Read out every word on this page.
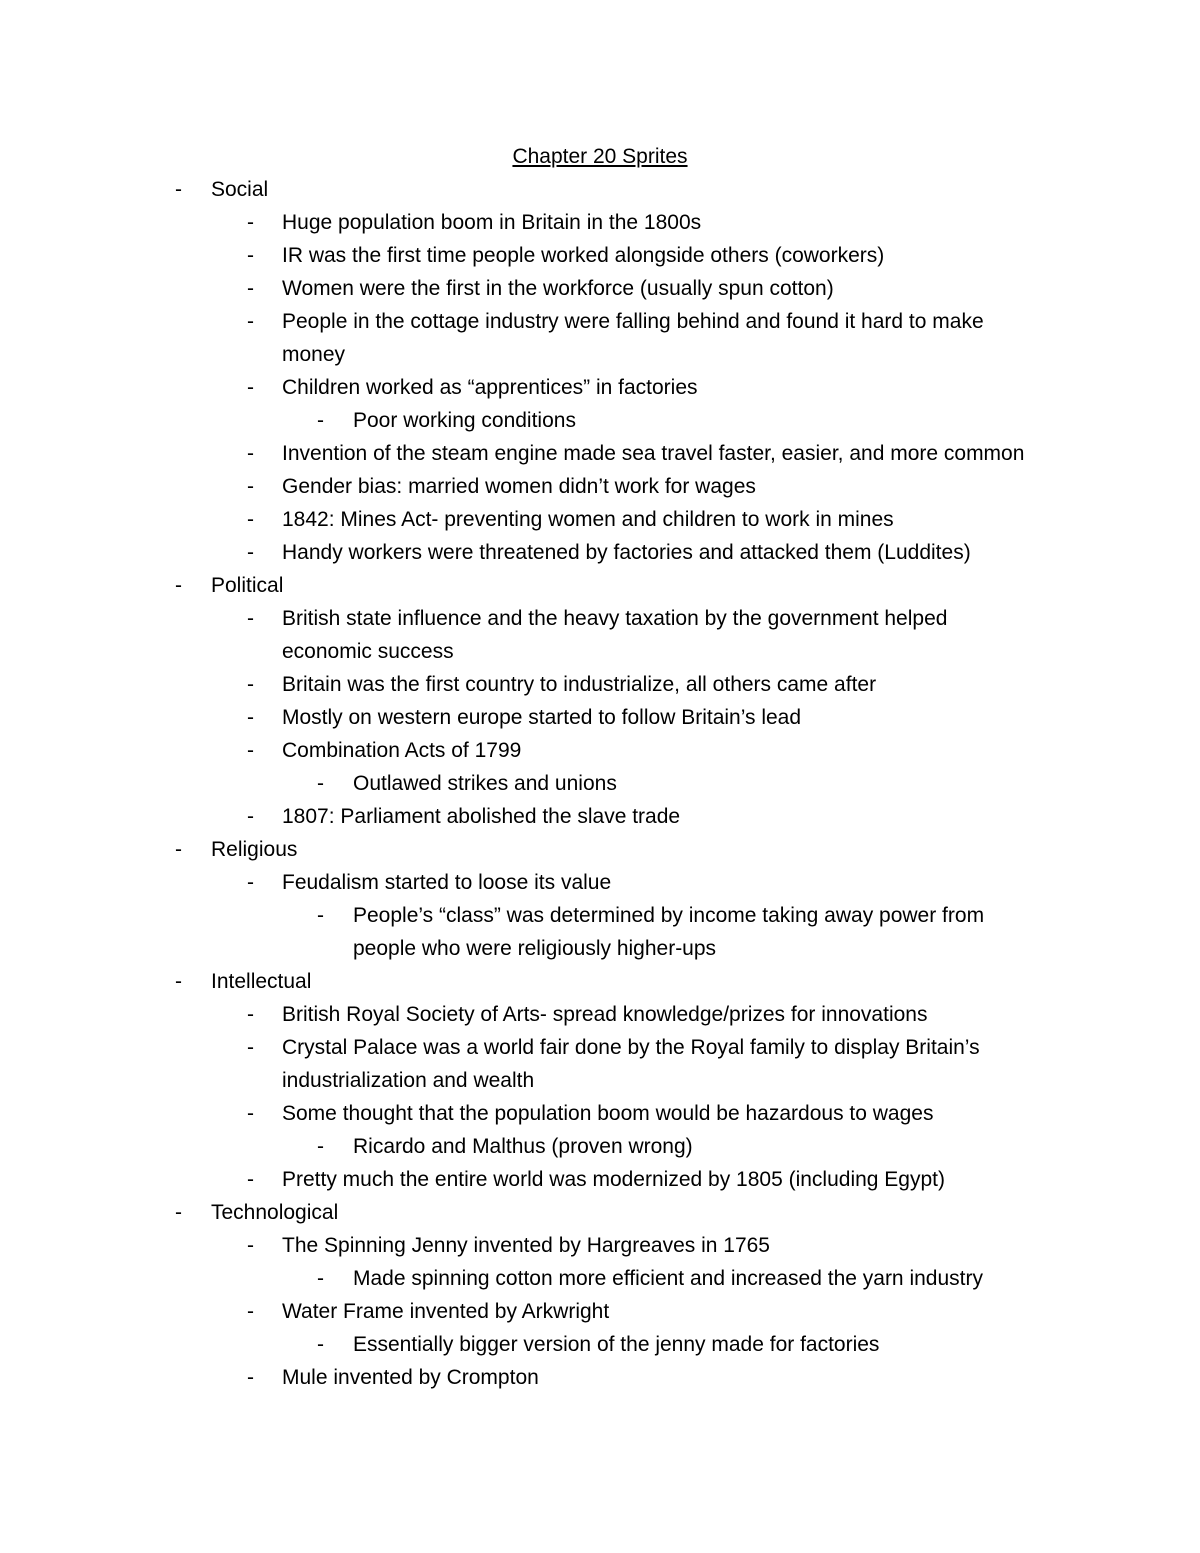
Chapter 20 Sprites
- Social
- Huge population boom in Britain in the 1800s
- IR was the first time people worked alongside others (coworkers)
- Women were the first in the workforce (usually spun cotton)
- People in the cottage industry were falling behind and found it hard to make
money
- Children worked as “apprentices” in factories
- Poor working conditions
- Invention of the steam engine made sea travel faster, easier, and more common
- Gender bias: married women didn’t work for wages
- 1842: Mines Act- preventing women and children to work in mines
- Handy workers were threatened by factories and attacked them (Luddites)
- Political
- British state influence and the heavy taxation by the government helped
economic success
- Britain was the first country to industrialize, all others came after
- Mostly on western europe started to follow Britain’s lead
- Combination Acts of 1799
- Outlawed strikes and unions
- 1807: Parliament abolished the slave trade
- Religious
- Feudalism started to loose its value
- People’s “class” was determined by income taking away power from
people who were religiously higher-ups
- Intellectual
- British Royal Society of Arts- spread knowledge/prizes for innovations
- Crystal Palace was a world fair done by the Royal family to display Britain’s
industrialization and wealth
- Some thought that the population boom would be hazardous to wages
- Ricardo and Malthus (proven wrong)
- Pretty much the entire world was modernized by 1805 (including Egypt)
- Technological
- The Spinning Jenny invented by Hargreaves in 1765
- Made spinning cotton more efficient and increased the yarn industry
- Water Frame invented by Arkwright
- Essentially bigger version of the jenny made for factories
- Mule invented by Crompton
